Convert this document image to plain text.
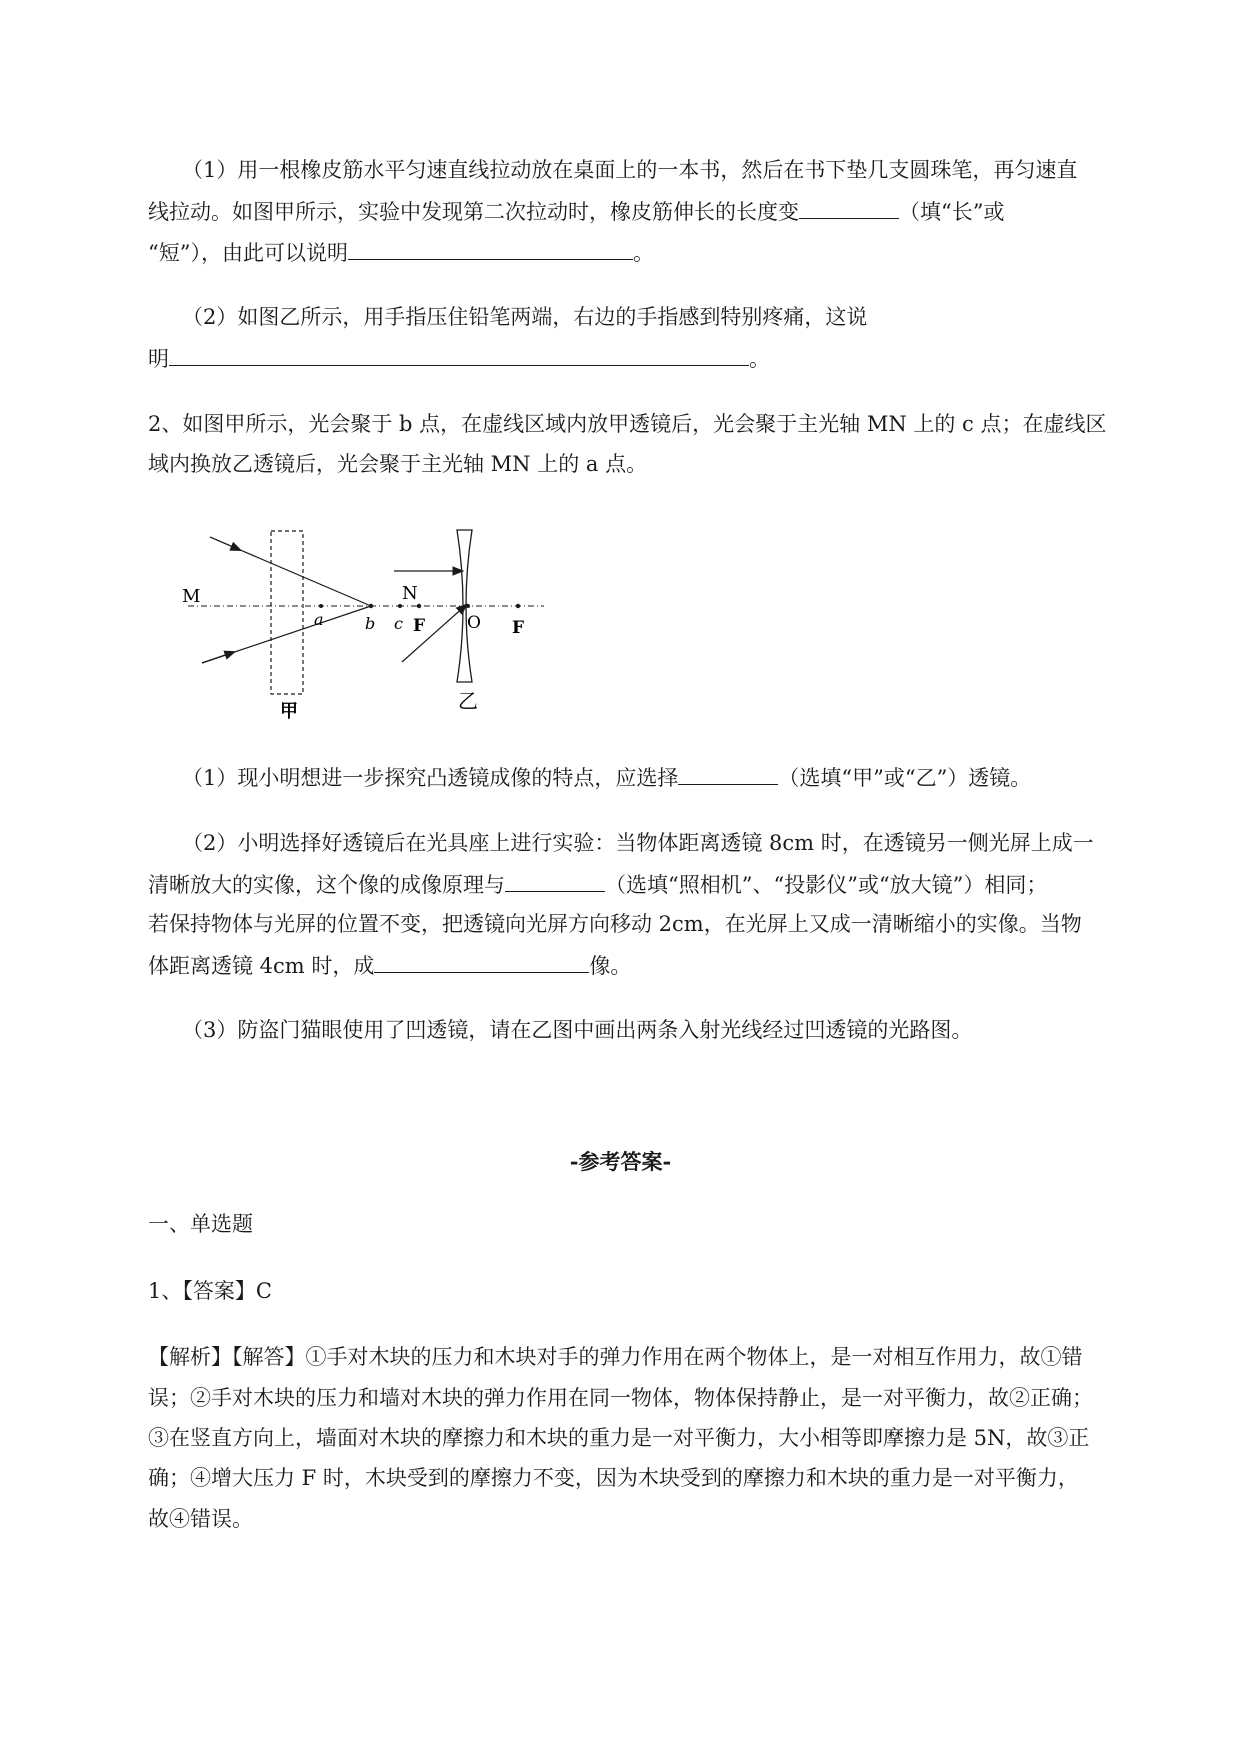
（1）用一根橡皮筋水平匀速直线拉动放在桌面上的一本书，然后在书下垫几支圆珠笔，再匀速直
线拉动。如图甲所示，实验中发现第二次拉动时，橡皮筋伸长的长度变	（填“长”或
“短”），由此可以说明	。
（2）如图乙所示，用手指压住铅笔两端，右边的手指感到特别疼痛，这说
明	。
2、如图甲所示，光会聚于 b 点，在虚线区域内放甲透镜后，光会聚于主光轴 MN 上的 c 点；在虚线区
域内换放乙透镜后，光会聚于主光轴 MN 上的 a 点。
M	N
a	b c
甲
F O F
乙
（1）现小明想进一步探究凸透镜成像的特点，应选择	（选填“甲”或“乙”）透镜。
（2）小明选择好透镜后在光具座上进行实验：当物体距离透镜 8cm 时，在透镜另一侧光屏上成一
清晰放大的实像，这个像的成像原理与	（选填“照相机”、“投影仪”或“放大镜”）相同；
若保持物体与光屏的位置不变，把透镜向光屏方向移动 2cm，在光屏上又成一清晰缩小的实像。当物
体距离透镜 4cm 时，成	像。
（3）防盗门猫眼使用了凹透镜，请在乙图中画出两条入射光线经过凹透镜的光路图。
-参考答案-
一、单选题
1、【答案】C
【解析】【解答】①手对木块的压力和木块对手的弹力作用在两个物体上，是一对相互作用力，故①错
误；②手对木块的压力和墙对木块的弹力作用在同一物体，物体保持静止，是一对平衡力，故②正确；
③在竖直方向上，墙面对木块的摩擦力和木块的重力是一对平衡力，大小相等即摩擦力是 5N，故③正
确；④增大压力 F 时，木块受到的摩擦力不变，因为木块受到的摩擦力和木块的重力是一对平衡力，
故④错误。
